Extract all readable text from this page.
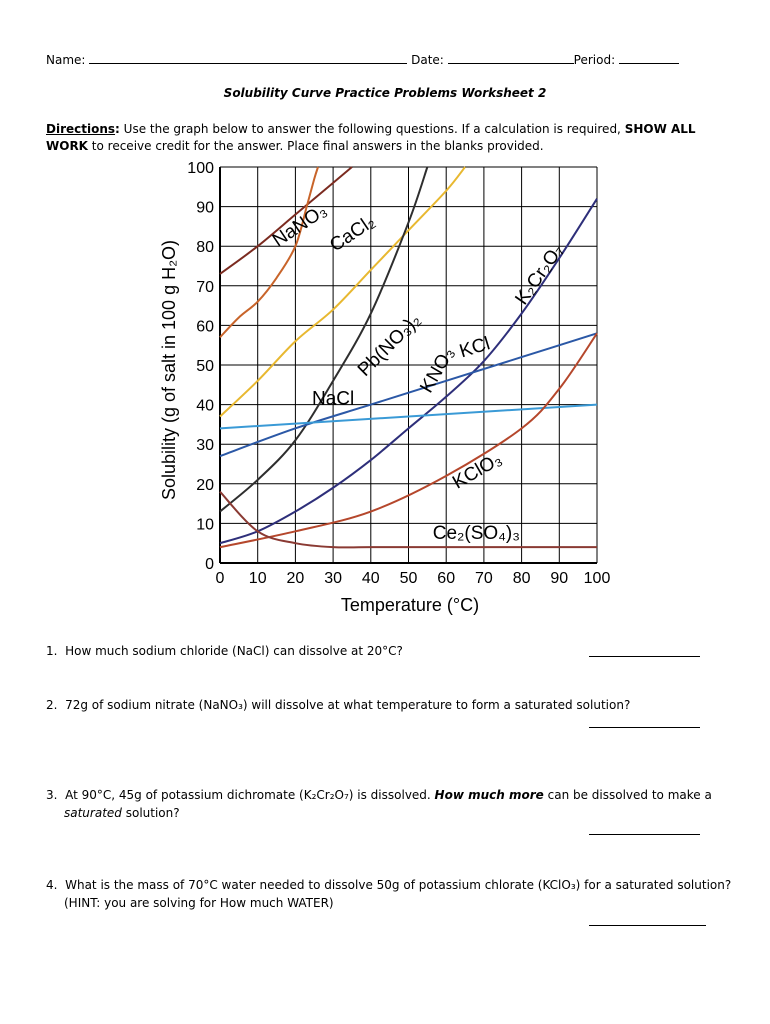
Name:	Date:	Period:
Solubility Curve Practice Problems Worksheet 2
Directions: Use the graph below to answer the following questions. If a calculation is required, SHOW ALL WORK to receive credit for the answer. Place final answers in the blanks provided.
NaNO₃
CaCl₂
Pb(NO₃)₂
KNO₃
K₂Cr₂O₇
KCl
NaCl
KClO₃
Ce₂(SO₄)₃
0 10 20 30 40 50 60 70 80 90 100
0
10
20
30
40
50
60
70
80
90
100
Temperature (°C)
Solubility (g of salt in 100 g H₂O)
1. How much sodium chloride (NaCl) can dissolve at 20°C?
2. 72g of sodium nitrate (NaNO₃) will dissolve at what temperature to form a saturated solution?
3. At 90°C, 45g of potassium dichromate (K₂Cr₂O₇) is dissolved. How much more can be dissolved to make a
saturated solution?
4. What is the mass of 70°C water needed to dissolve 50g of potassium chlorate (KClO₃) for a saturated solution?
(HINT: you are solving for How much WATER)
